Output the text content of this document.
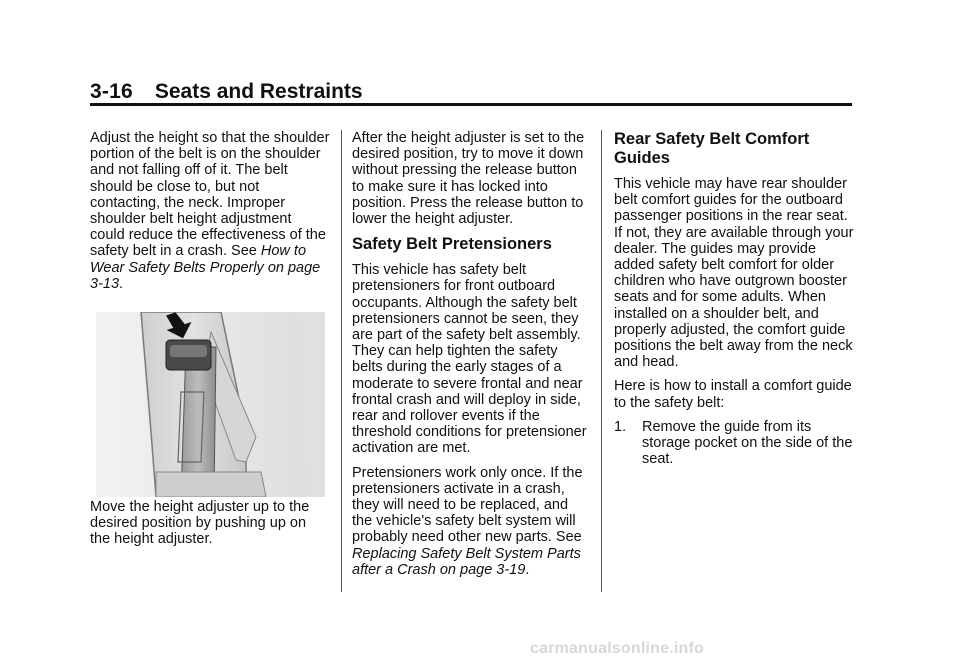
3-16 Seats and Restraints

Adjust the height so that the shoulder portion of the belt is on the shoulder and not falling off of it. The belt should be close to, but not contacting, the neck. Improper shoulder belt height adjustment could reduce the effectiveness of the safety belt in a crash. See How to Wear Safety Belts Properly on page 3-13.

Move the height adjuster up to the desired position by pushing up on the height adjuster.

After the height adjuster is set to the desired position, try to move it down without pressing the release button to make sure it has locked into position. Press the release button to lower the height adjuster.

Safety Belt Pretensioners

This vehicle has safety belt pretensioners for front outboard occupants. Although the safety belt pretensioners cannot be seen, they are part of the safety belt assembly. They can help tighten the safety belts during the early stages of a moderate to severe frontal and near frontal crash and will deploy in side, rear and rollover events if the threshold conditions for pretensioner activation are met.

Pretensioners work only once. If the pretensioners activate in a crash, they will need to be replaced, and the vehicle's safety belt system will probably need other new parts. See Replacing Safety Belt System Parts after a Crash on page 3-19.

Rear Safety Belt Comfort Guides

This vehicle may have rear shoulder belt comfort guides for the outboard passenger positions in the rear seat. If not, they are available through your dealer. The guides may provide added safety belt comfort for older children who have outgrown booster seats and for some adults. When installed on a shoulder belt, and properly adjusted, the comfort guide positions the belt away from the neck and head.

Here is how to install a comfort guide to the safety belt:

1.	Remove the guide from its storage pocket on the side of the seat.
carmanualsonline.info
